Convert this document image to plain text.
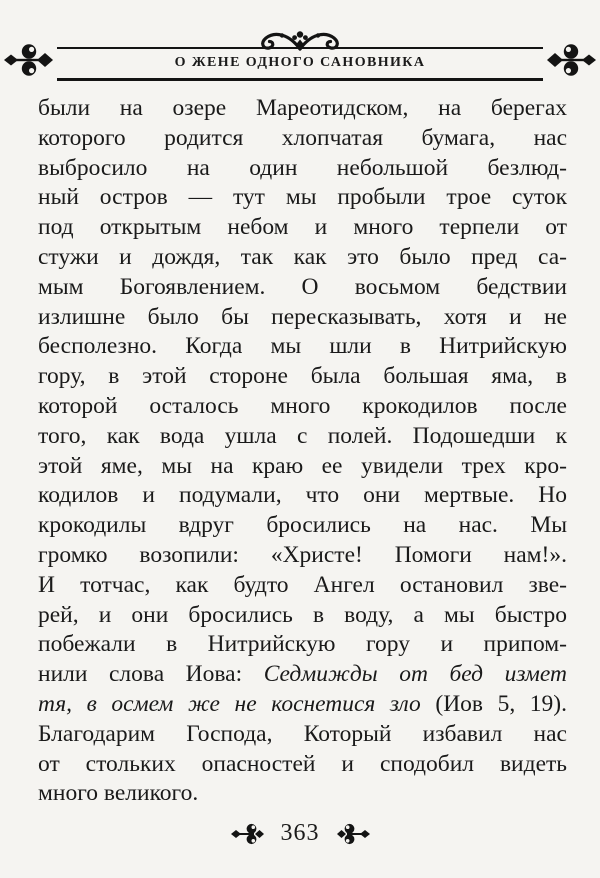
О ЖЕНЕ ОДНОГО САНОВНИКА
были на озере Мареотидском, на берегах
которого родится хлопчатая бумага, нас
выбросило на один небольшой безлюд-
ный остров — тут мы пробыли трое суток
под открытым небом и много терпели от
стужи и дождя, так как это было пред са-
мым Богоявлением. О восьмом бедствии
излишне было бы пересказывать, хотя и не
бесполезно. Когда мы шли в Нитрийскую
гору, в этой стороне была большая яма, в
которой осталось много крокодилов после
того, как вода ушла с полей. Подошедши к
этой яме, мы на краю ее увидели трех кро-
кодилов и подумали, что они мертвые. Но
крокодилы вдруг бросились на нас. Мы
громко возопили: «Христе! Помоги нам!».
И тотчас, как будто Ангел остановил зве-
рей, и они бросились в воду, а мы быстро
побежали в Нитрийскую гору и припом-
нили слова Иова: Седмижды от бед измет
тя, в осмем же не коснетися зло (Иов 5, 19).
Благодарим Господа, Который избавил нас
от стольких опасностей и сподобил видеть
много великого.
363
